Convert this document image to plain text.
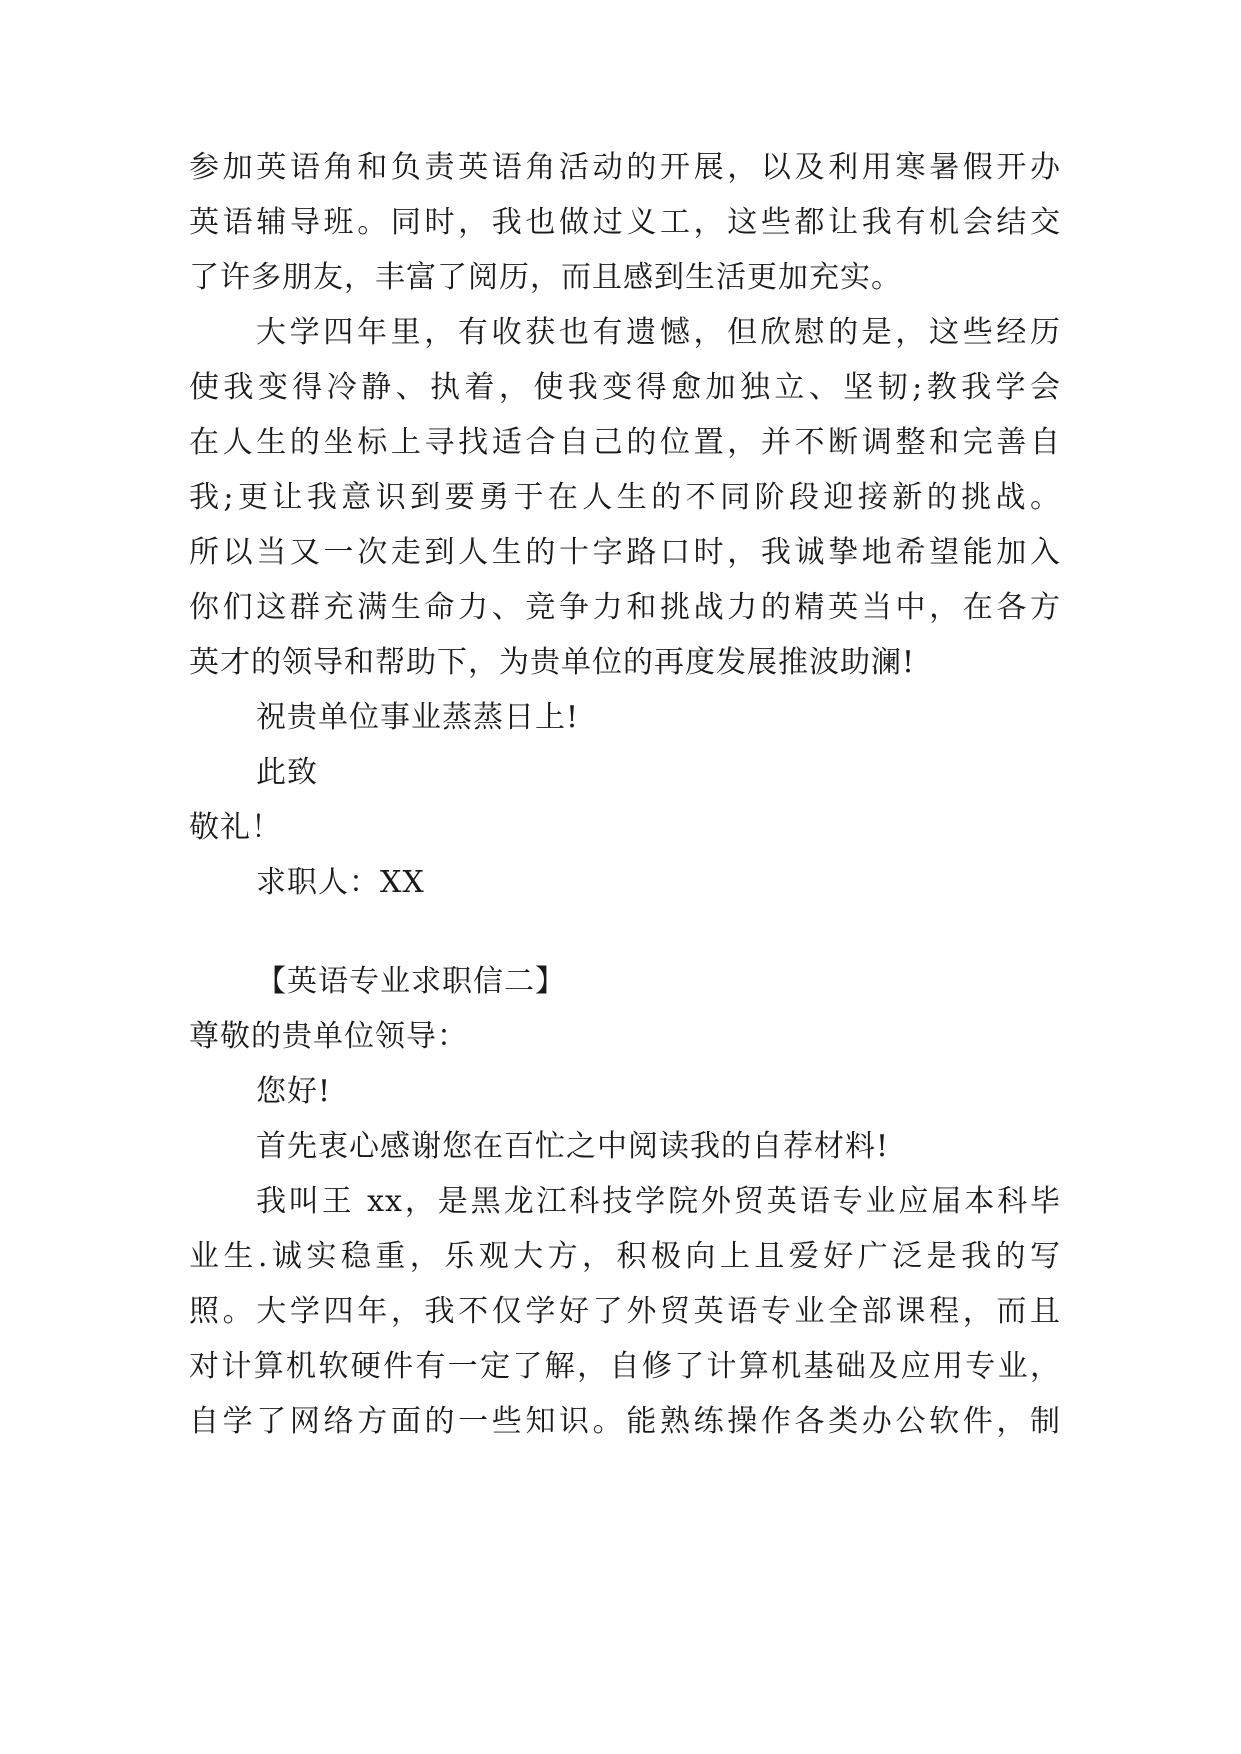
参加英语角和负责英语角活动的开展，以及利用寒暑假开办
英语辅导班。同时，我也做过义工，这些都让我有机会结交
了许多朋友，丰富了阅历，而且感到生活更加充实。
大学四年里，有收获也有遗憾，但欣慰的是，这些经历
使我变得冷静、执着，使我变得愈加独立、坚韧;教我学会
在人生的坐标上寻找适合自己的位置，并不断调整和完善自
我;更让我意识到要勇于在人生的不同阶段迎接新的挑战。
所以当又一次走到人生的十字路口时，我诚挚地希望能加入
你们这群充满生命力、竞争力和挑战力的精英当中，在各方
英才的领导和帮助下，为贵单位的再度发展推波助澜!
祝贵单位事业蒸蒸日上!
此致
敬礼！
求职人：XX
【英语专业求职信二】
尊敬的贵单位领导：
您好!
首先衷心感谢您在百忙之中阅读我的自荐材料!
我叫王 xx，是黑龙江科技学院外贸英语专业应届本科毕
业生.诚实稳重，乐观大方，积极向上且爱好广泛是我的写
照。大学四年，我不仅学好了外贸英语专业全部课程，而且
对计算机软硬件有一定了解，自修了计算机基础及应用专业，
自学了网络方面的一些知识。能熟练操作各类办公软件，制
